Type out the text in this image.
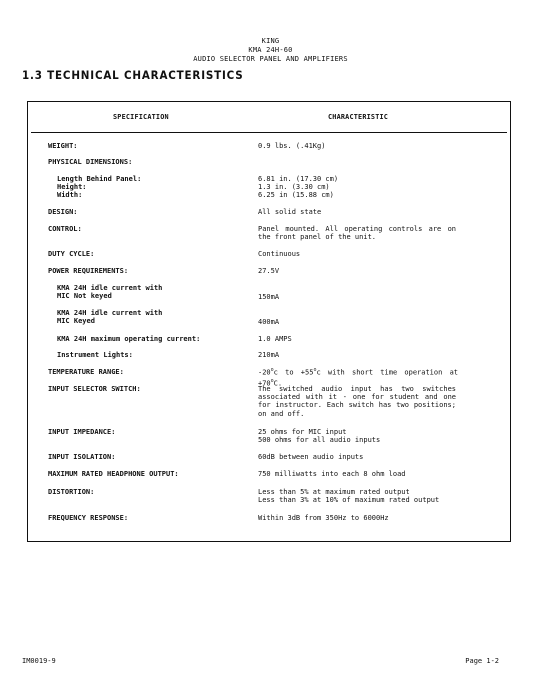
KING
KMA 24H-60
AUDIO SELECTOR PANEL AND AMPLIFIERS
1.3 TECHNICAL CHARACTERISTICS
SPECIFICATION	CHARACTERISTIC
WEIGHT:	0.9 lbs. (.41Kg)
PHYSICAL DIMENSIONS:
Length Behind Panel:	6.81 in. (17.30 cm)
Height:	1.3 in. (3.30 cm)
Width:	6.25 in (15.88 cm)
DESIGN:	All solid state
CONTROL:	Panel mounted. All operating controls are on the front panel of the unit.
DUTY CYCLE:	Continuous
POWER REQUIREMENTS:	27.5V
KMA 24H idle current with
MIC Not keyed	150mA
KMA 24H idle current with
MIC Keyed	400mA
KMA 24H maximum operating current:	1.0 AMPS
Instrument Lights:	210mA
TEMPERATURE RANGE:	-20$^o$c to $+55^oc$ with short time operation at $+70^oC$.
INPUT SELECTOR SWITCH:	The switched audio input has two switches associated with it - one for student and one for instructor. Each switch has two positions; on and off.
INPUT IMPEDANCE:	25 ohms for MIC input
500 ohms for all audio inputs
INPUT ISOLATION:	60dB between audio inputs
MAXIMUM RATED HEADPHONE OUTPUT:	750 milliwatts into each 8 ohm load
DISTORTION:	Less than 5% at maximum rated output
Less than 3% at 10% of maximum rated output
FREQUENCY RESPONSE:	Within 3dB from 350Hz to 6000Hz
IM0019-9	Page 1-2
